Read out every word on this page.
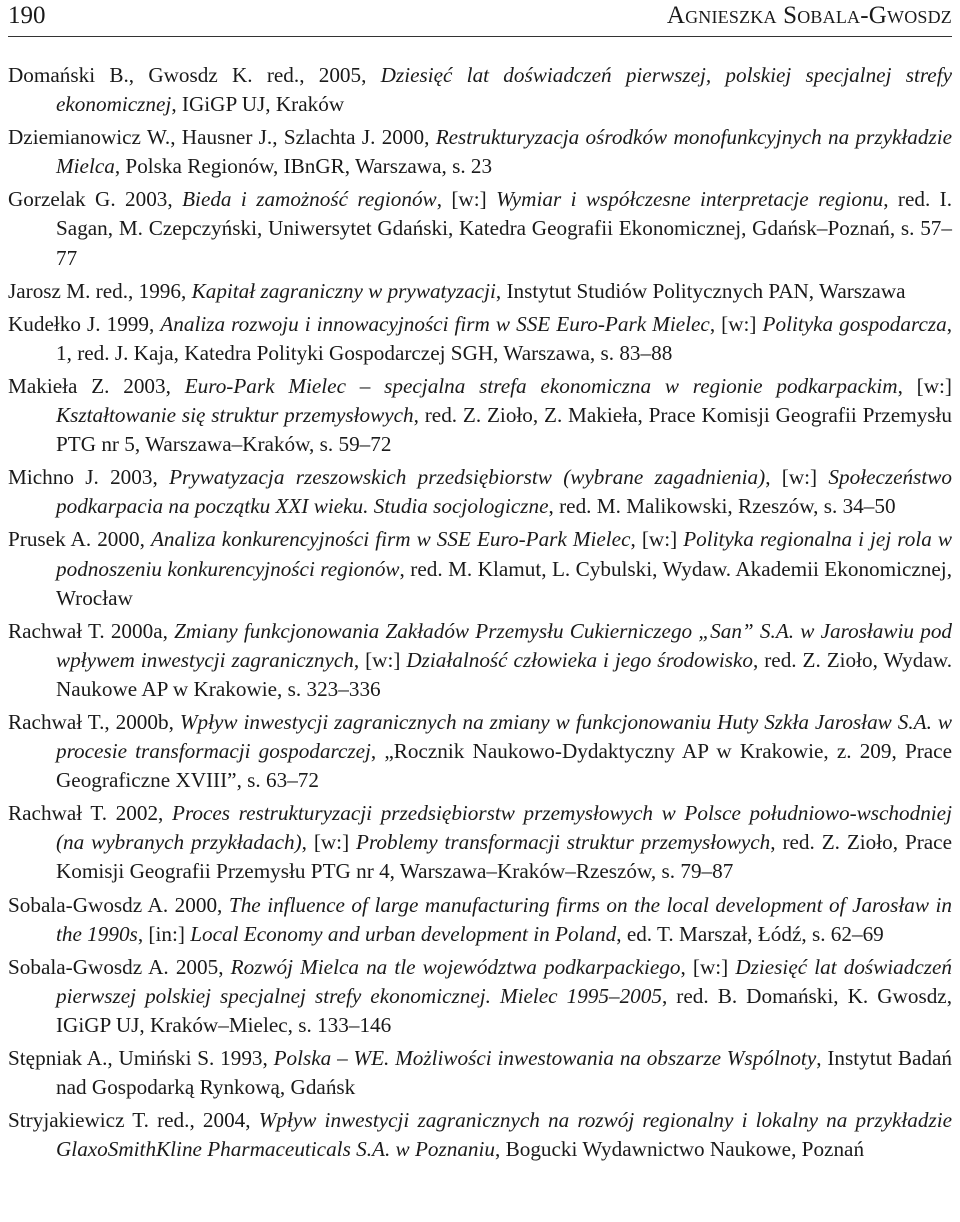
190	Agnieszka Sobala-Gwosdz

Domański B., Gwosdz K. red., 2005, Dziesięć lat doświadczeń pierwszej, polskiej specjalnej strefy ekonomicznej, IGiGP UJ, Kraków

Dziemianowicz W., Hausner J., Szlachta J. 2000, Restrukturyzacja ośrodków monofunkcyjnych na przykładzie Mielca, Polska Regionów, IBnGR, Warszawa, s. 23

Gorzelak G. 2003, Bieda i zamożność regionów, [w:] Wymiar i współczesne interpretacje regionu, red. I. Sagan, M. Czepczyński, Uniwersytet Gdański, Katedra Geografii Ekonomicznej, Gdańsk–Poznań, s. 57–77

Jarosz M. red., 1996, Kapitał zagraniczny w prywatyzacji, Instytut Studiów Politycznych PAN, Warszawa

Kudełko J. 1999, Analiza rozwoju i innowacyjności firm w SSE Euro-Park Mielec, [w:] Polityka gospodarcza, 1, red. J. Kaja, Katedra Polityki Gospodarczej SGH, Warszawa, s. 83–88

Makieła Z. 2003, Euro-Park Mielec – specjalna strefa ekonomiczna w regionie podkarpackim, [w:] Kształtowanie się struktur przemysłowych, red. Z. Zioło, Z. Makieła, Prace Komisji Geografii Przemysłu PTG nr 5, Warszawa–Kraków, s. 59–72

Michno J. 2003, Prywatyzacja rzeszowskich przedsiębiorstw (wybrane zagadnienia), [w:] Społeczeństwo podkarpacia na początku XXI wieku. Studia socjologiczne, red. M. Malikowski, Rzeszów, s. 34–50

Prusek A. 2000, Analiza konkurencyjności firm w SSE Euro-Park Mielec, [w:] Polityka regionalna i jej rola w podnoszeniu konkurencyjności regionów, red. M. Klamut, L. Cybulski, Wydaw. Akademii Ekonomicznej, Wrocław

Rachwał T. 2000a, Zmiany funkcjonowania Zakładów Przemysłu Cukierniczego „San” S.A. w Jarosławiu pod wpływem inwestycji zagranicznych, [w:] Działalność człowieka i jego środowisko, red. Z. Zioło, Wydaw. Naukowe AP w Krakowie, s. 323–336

Rachwał T., 2000b, Wpływ inwestycji zagranicznych na zmiany w funkcjonowaniu Huty Szkła Jarosław S.A. w procesie transformacji gospodarczej, „Rocznik Naukowo-Dydaktyczny AP w Krakowie, z. 209, Prace Geograficzne XVIII”, s. 63–72

Rachwał T. 2002, Proces restrukturyzacji przedsiębiorstw przemysłowych w Polsce południowo-wschodniej (na wybranych przykładach), [w:] Problemy transformacji struktur przemysłowych, red. Z. Zioło, Prace Komisji Geografii Przemysłu PTG nr 4, Warszawa–Kraków–Rzeszów, s. 79–87

Sobala-Gwosdz A. 2000, The influence of large manufacturing firms on the local development of Jarosław in the 1990s, [in:] Local Economy and urban development in Poland, ed. T. Marszał, Łódź, s. 62–69

Sobala-Gwosdz A. 2005, Rozwój Mielca na tle województwa podkarpackiego, [w:] Dziesięć lat doświadczeń pierwszej polskiej specjalnej strefy ekonomicznej. Mielec 1995–2005, red. B. Domański, K. Gwosdz, IGiGP UJ, Kraków–Mielec, s. 133–146

Stępniak A., Umiński S. 1993, Polska – WE. Możliwości inwestowania na obszarze Wspólnoty, Instytut Badań nad Gospodarką Rynkową, Gdańsk

Stryjakiewicz T. red., 2004, Wpływ inwestycji zagranicznych na rozwój regionalny i lokalny na przykładzie GlaxoSmithKline Pharmaceuticals S.A. w Poznaniu, Bogucki Wydawnictwo Naukowe, Poznań
